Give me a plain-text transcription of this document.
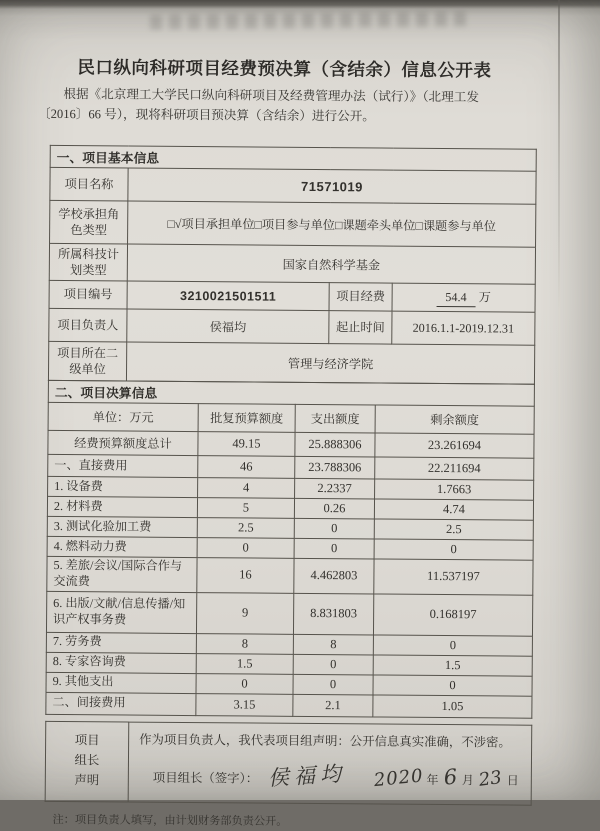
民口纵向科研项目经费预决算（含结余）信息公开表
根据《北京理工大学民口纵向科研项目及经费管理办法（试行）》（北理工发〔2016〕66 号），现将科研项目预决算（含结余）进行公开。
一、项目基本信息			
项目名称	71571019		
学校承担角色类型	□√项目承担单位□项目参与单位□课题牵头单位□课题参与单位		
所属科技计划类型	国家自然科学基金		
项目编号	3210021501511	项目经费	54.4 万
项目负责人	侯福均	起止时间	2016.1.1-2019.12.31
项目所在二级单位	管理与经济学院		
二、项目决算信息			
单位：万元	批复预算额度	支出额度	剩余额度
经费预算额度总计	49.15	25.888306	23.261694
一、直接费用	46	23.788306	22.211694
1. 设备费	4	2.2337	1.7663
2. 材料费	5	0.26	4.74
3. 测试化验加工费	2.5	0	2.5
4. 燃料动力费	0	0	0
5. 差旅/会议/国际合作与交流费	16	4.462803	11.537197
6. 出版/文献/信息传播/知识产权事务费	9	8.831803	0.168197
7. 劳务费	8	8	0
8. 专家咨询费	1.5	0	1.5
9. 其他支出	0	0	0
二、间接费用	3.15	2.1	1.05
项目组长声明	
作为项目负责人，我代表项目组声明：公开信息真实准确，不涉密。
项目组长（签字）： 侯福均 2020 年 6 月 23 日
注：项目负责人填写，由计划财务部负责公开。
